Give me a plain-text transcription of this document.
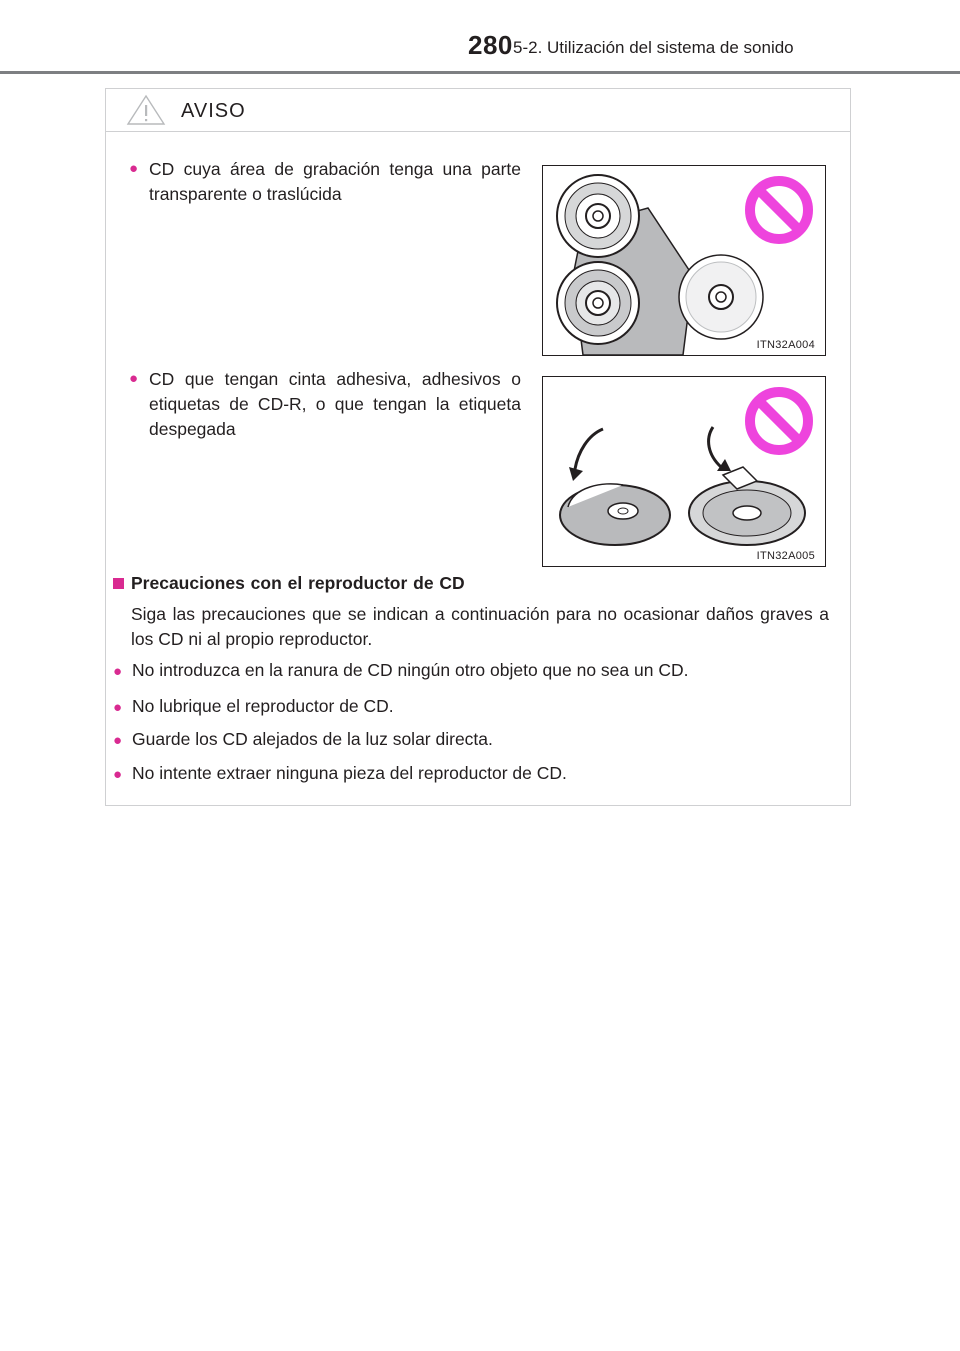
280 5-2. Utilización del sistema de sonido
AVISO
● CD cuya área de grabación tenga una parte transparente o traslúcida
ITN32A004
● CD que tengan cinta adhesiva, adhesivos o etiquetas de CD-R, o que tengan la etiqueta despegada
ITN32A005
Precauciones con el reproductor de CD
Siga las precauciones que se indican a continuación para no ocasionar daños graves a los CD ni al propio reproductor.
● No introduzca en la ranura de CD ningún otro objeto que no sea un CD.
● No lubrique el reproductor de CD.
● Guarde los CD alejados de la luz solar directa.
● No intente extraer ninguna pieza del reproductor de CD.
